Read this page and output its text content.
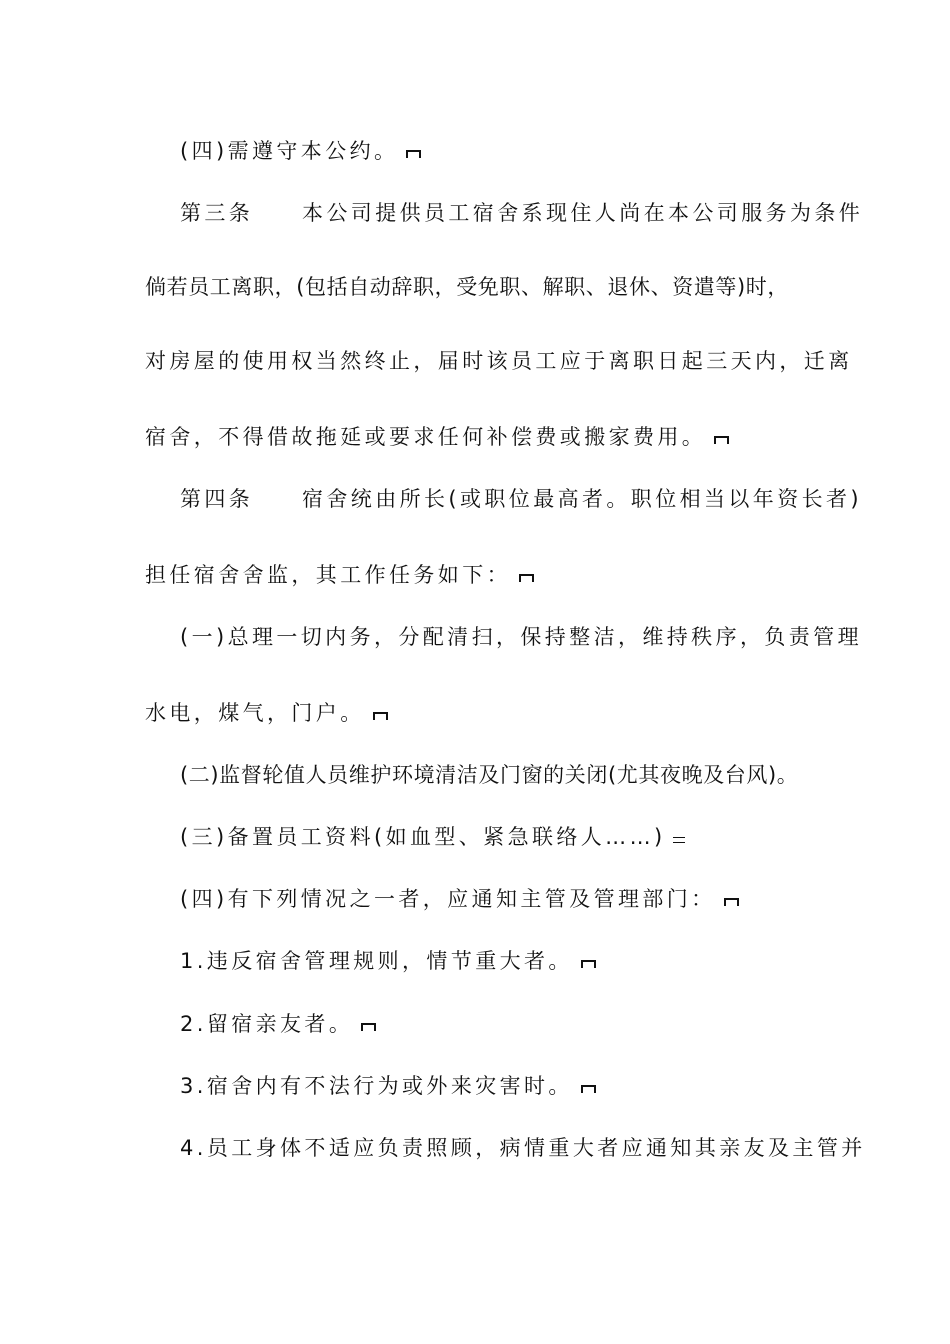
(四)需遵守本公约。
第三条　　本公司提供员工宿舍系现住人尚在本公司服务为条件
倘若员工离职，(包括自动辞职，受免职、解职、退休、资遣等)时，
对房屋的使用权当然终止，届时该员工应于离职日起三天内，迁离
宿舍，不得借故拖延或要求任何补偿费或搬家费用。
第四条　　宿舍统由所长(或职位最高者。职位相当以年资长者)
担任宿舍舍监，其工作任务如下：
(一)总理一切内务，分配清扫，保持整洁，维持秩序，负责管理
水电，煤气，门户。
(二)监督轮值人员维护环境清洁及门窗的关闭(尤其夜晚及台风)。
(三)备置员工资料(如血型、紧急联络人……)
(四)有下列情况之一者，应通知主管及管理部门：
1.违反宿舍管理规则，情节重大者。
2.留宿亲友者。
3.宿舍内有不法行为或外来灾害时。
4.员工身体不适应负责照顾，病情重大者应通知其亲友及主管并
